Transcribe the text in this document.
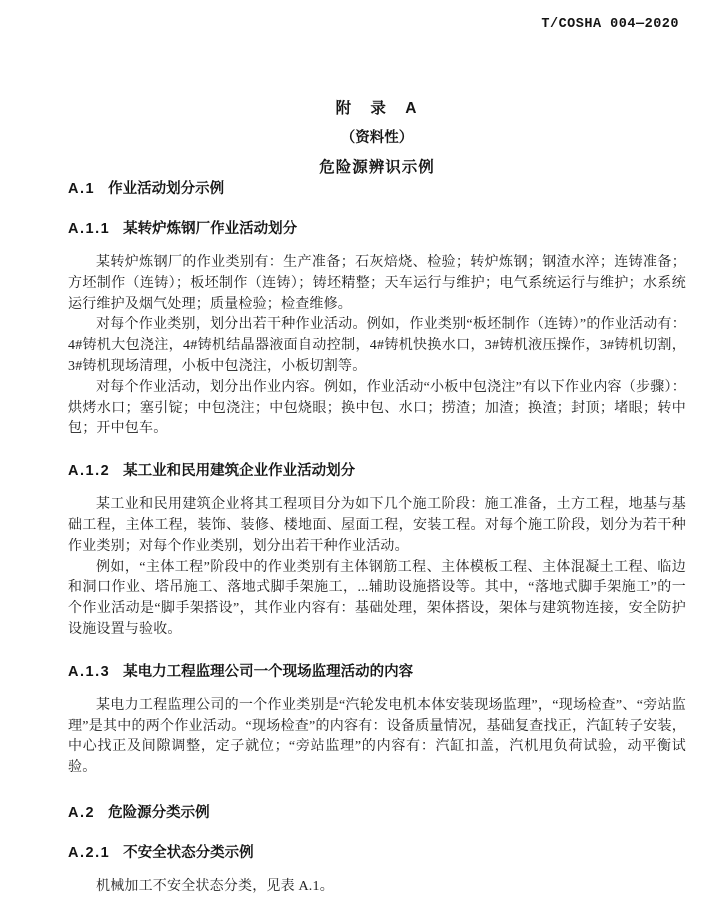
T/COSHA 004—2020
附 录 A
（资料性）
危险源辨识示例
A.1 作业活动划分示例
A.1.1 某转炉炼钢厂作业活动划分

某转炉炼钢厂的作业类别有：生产准备；石灰焙烧、检验；转炉炼钢；钢渣水淬；连铸准备；方坯制作（连铸）；板坯制作（连铸）；铸坯精整；天车运行与维护；电气系统运行与维护；水系统运行维护及烟气处理；质量检验；检查维修。

对每个作业类别，划分出若干种作业活动。例如，作业类别“板坯制作（连铸）”的作业活动有：4#铸机大包浇注，4#铸机结晶器液面自动控制，4#铸机快换水口，3#铸机液压操作，3#铸机切割，3#铸机现场清理，小板中包浇注，小板切割等。

对每个作业活动，划分出作业内容。例如，作业活动“小板中包浇注”有以下作业内容（步骤）：烘烤水口；塞引锭；中包浇注；中包烧眼；换中包、水口；捞渣；加渣；换渣；封顶；堵眼；转中包；开中包车。

A.1.2 某工业和民用建筑企业作业活动划分

某工业和民用建筑企业将其工程项目分为如下几个施工阶段：施工准备，土方工程，地基与基础工程，主体工程，装饰、装修、楼地面、屋面工程，安装工程。对每个施工阶段，划分为若干种作业类别；对每个作业类别，划分出若干种作业活动。

例如，“主体工程”阶段中的作业类别有主体钢筋工程、主体模板工程、主体混凝土工程、临边和洞口作业、塔吊施工、落地式脚手架施工，...辅助设施搭设等。其中，“落地式脚手架施工”的一个作业活动是“脚手架搭设”，其作业内容有：基础处理，架体搭设，架体与建筑物连接，安全防护设施设置与验收。

A.1.3 某电力工程监理公司一个现场监理活动的内容

某电力工程监理公司的一个作业类别是“汽轮发电机本体安装现场监理”，“现场检查”、“旁站监理”是其中的两个作业活动。“现场检查”的内容有：设备质量情况，基础复查找正，汽缸转子安装，中心找正及间隙调整，定子就位；“旁站监理”的内容有：汽缸扣盖，汽机甩负荷试验，动平衡试验。

A.2 危险源分类示例
A.2.1 不安全状态分类示例

机械加工不安全状态分类，见表 A.1。
